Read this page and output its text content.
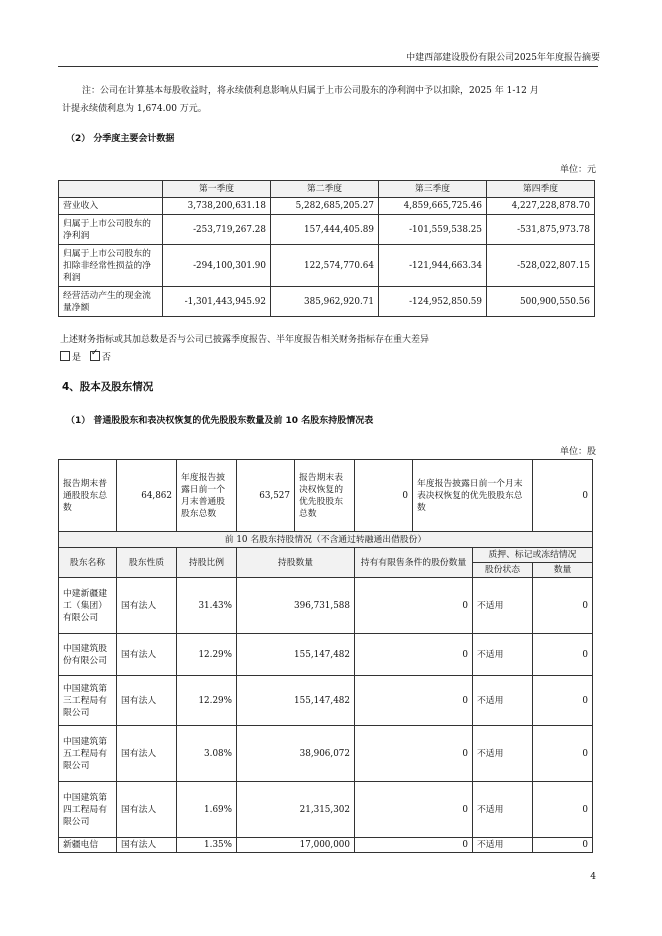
中建西部建设股份有限公司2025年年度报告摘要
注：公司在计算基本每股收益时，将永续债利息影响从归属于上市公司股东的净利润中予以扣除，2025 年 1-12 月
计提永续债利息为 1,674.00 万元。
（2） 分季度主要会计数据
单位：元
	第一季度	第二季度	第三季度	第四季度
营业收入	3,738,200,631.18	5,282,685,205.27	4,859,665,725.46	4,227,228,878.70
归属于上市公司股东的净利润	-253,719,267.28	157,444,405.89	-101,559,538.25	-531,875,973.78
归属于上市公司股东的扣除非经常性损益的净利润	-294,100,301.90	122,574,770.64	-121,944,663.34	-528,022,807.15
经营活动产生的现金流量净额	-1,301,443,945.92	385,962,920.71	-124,952,850.59	500,900,550.56
上述财务指标或其加总数是否与公司已披露季度报告、半年度报告相关财务指标存在重大差异
是 ✓ 否
4、股本及股东情况
（1） 普通股股东和表决权恢复的优先股股东数量及前 10 名股东持股情况表
单位：股
报告期末普通股股东总数	64,862	年度报告披露日前一个月末普通股股东总数	63,527	报告期末表决权恢复的优先股股东总数	0	年度报告披露日前一个月末表决权恢复的优先股股东总数		0
前 10 名股东持股情况（不含通过转融通出借股份）								
股东名称	股东性质	持股比例	持股数量		持有有限售条件的股份数量		质押、标记或冻结情况	
							股份状态	数量
中建新疆建工（集团）有限公司	国有法人	31.43%	396,731,588		0		不适用	0
中国建筑股份有限公司	国有法人	12.29%	155,147,482		0		不适用	0
中国建筑第三工程局有限公司	国有法人	12.29%	155,147,482		0		不适用	0
中国建筑第五工程局有限公司	国有法人	3.08%	38,906,072		0		不适用	0
中国建筑第四工程局有限公司	国有法人	1.69%	21,315,302		0		不适用	0
新疆电信	国有法人	1.35%	17,000,000		0		不适用	0
4
